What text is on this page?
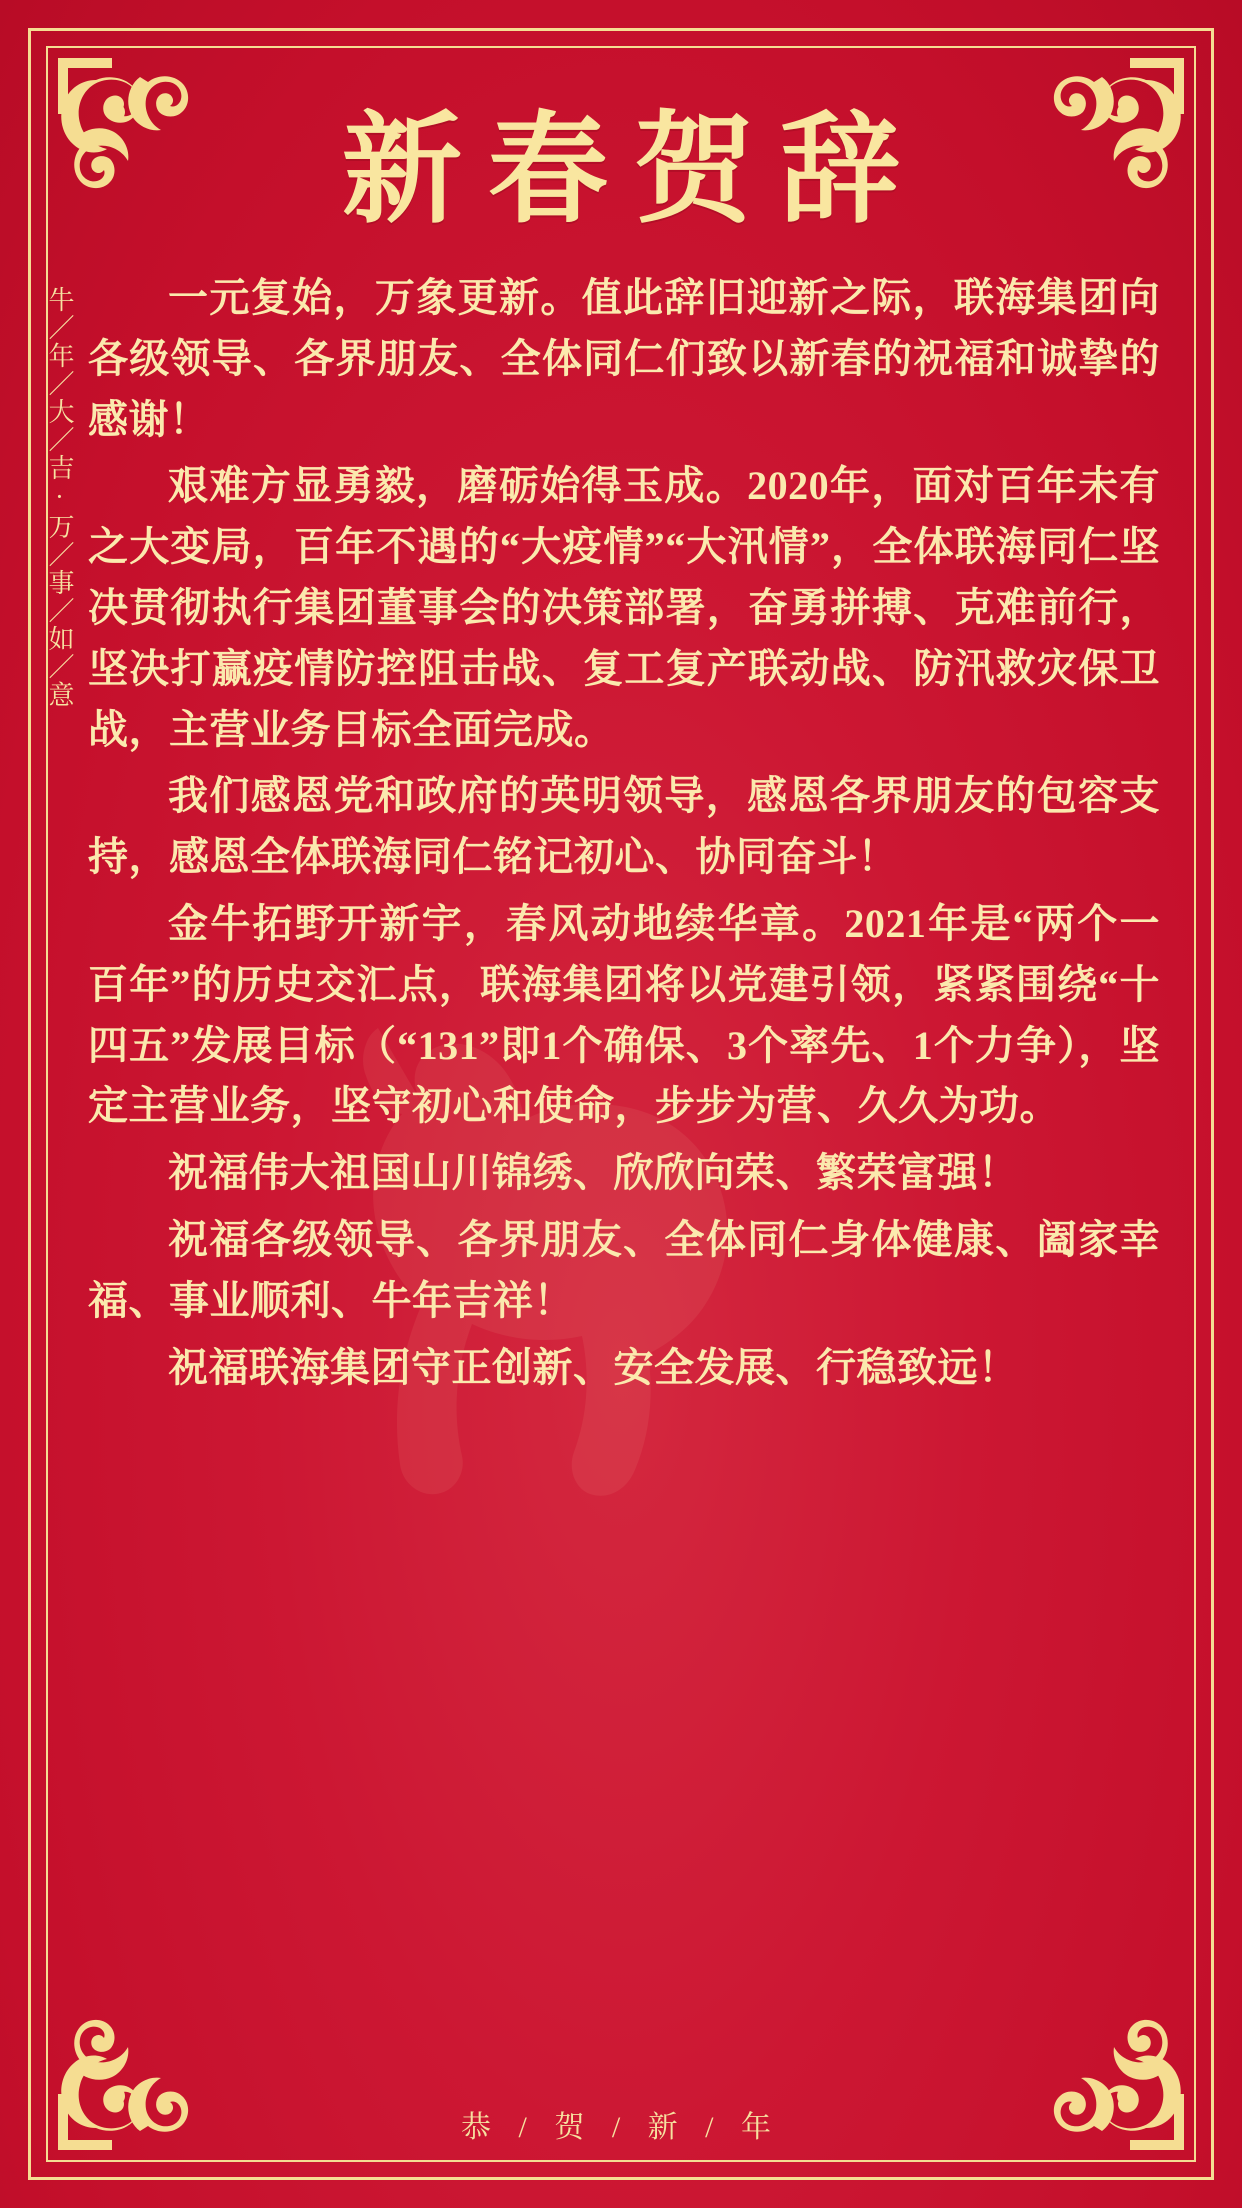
新春贺辞
牛／年／大／吉·万／事／如／意	一元复始，万象更新。值此辞旧迎新之际，联海集团向各级领导、各界朋友、全体同仁们致以新春的祝福和诚挚的感谢！

艰难方显勇毅，磨砺始得玉成。2020年，面对百年未有之大变局，百年不遇的“大疫情”“大汛情”，全体联海同仁坚决贯彻执行集团董事会的决策部署，奋勇拼搏、克难前行，坚决打赢疫情防控阻击战、复工复产联动战、防汛救灾保卫战，主营业务目标全面完成。

我们感恩党和政府的英明领导，感恩各界朋友的包容支持，感恩全体联海同仁铭记初心、协同奋斗！

金牛拓野开新宇，春风动地续华章。2021年是“两个一百年”的历史交汇点，联海集团将以党建引领，紧紧围绕“十四五”发展目标（“131”即1个确保、3个率先、1个力争），坚定主营业务，坚守初心和使命，步步为营、久久为功。

祝福伟大祖国山川锦绣、欣欣向荣、繁荣富强！

祝福各级领导、各界朋友、全体同仁身体健康、阖家幸福、事业顺利、牛年吉祥！

祝福联海集团守正创新、安全发展、行稳致远！

恭 / 贺 / 新 / 年
